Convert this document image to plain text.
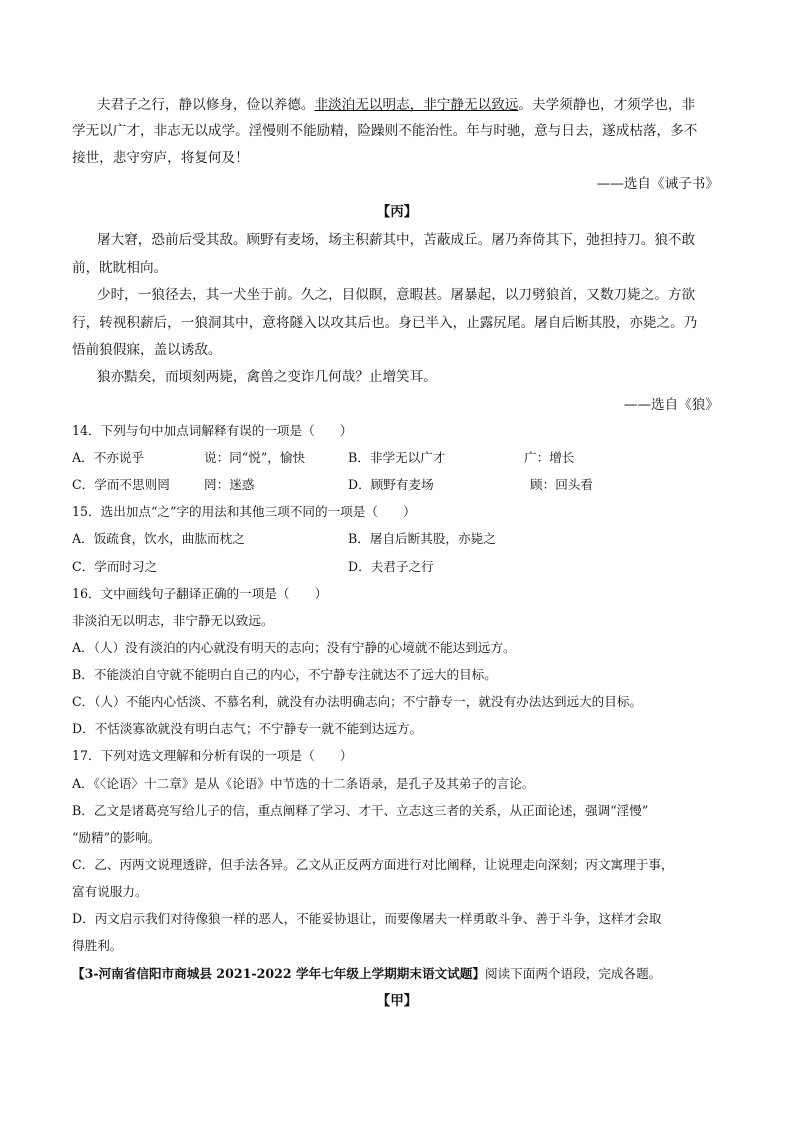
夫君子之行，静以修身，俭以养德。非淡泊无以明志，非宁静无以致远。夫学须静也，才须学也，非
学无以广才，非志无以成学。淫慢则不能励精，险躁则不能治性。年与时驰，意与日去，遂成枯落，多不
接世，悲守穷庐，将复何及！
——选自《诫子书》
【丙】
屠大窘，恐前后受其敌。顾野有麦场，场主积薪其中，苫蔽成丘。屠乃奔倚其下，弛担持刀。狼不敢
前，眈眈相向。
少时，一狼径去，其一犬坐于前。久之，目似瞑，意暇甚。屠暴起，以刀劈狼首，又数刀毙之。方欲
行，转视积薪后，一狼洞其中，意将隧入以攻其后也。身已半入，止露尻尾。屠自后断其股，亦毙之。乃
悟前狼假寐，盖以诱敌。
狼亦黠矣，而顷刻两毙，禽兽之变诈几何哉？止增笑耳。
——选自《狼》
14．下列与句中加点词解释有误的一项是（　　）
A．不亦说乎	说：同“悦”，愉快	B．非学无以广才	广：增长
C．学而不思则罔	罔：迷惑	D．顾野有麦场	顾：回头看
15．选出加点“之”字的用法和其他三项不同的一项是（　　）
A．饭疏食，饮水，曲肱而枕之	B．屠自后断其股，亦毙之
C．学而时习之	D．夫君子之行
16．文中画线句子翻译正确的一项是（　　）
非淡泊无以明志，非宁静无以致远。
A．（人）没有淡泊的内心就没有明天的志向；没有宁静的心境就不能达到远方。
B．不能淡泊自守就不能明白自己的内心，不宁静专注就达不了远大的目标。
C．（人）不能内心恬淡、不慕名利，就没有办法明确志向；不宁静专一，就没有办法达到远大的目标。
D．不恬淡寡欲就没有明白志气；不宁静专一就不能到达远方。
17．下列对选文理解和分析有误的一项是（　　）
A．《〈论语〉十二章》是从《论语》中节选的十二条语录，是孔子及其弟子的言论。
B．乙文是诸葛亮写给儿子的信，重点阐释了学习、才干、立志这三者的关系，从正面论述，强调“淫慢”
“励精”的影响。
C．乙、丙两文说理透辟，但手法各异。乙文从正反两方面进行对比阐释，让说理走向深刻；丙文寓理于事，
富有说服力。
D．丙文启示我们对待像狼一样的恶人，不能妥协退让，而要像屠夫一样勇敢斗争、善于斗争，这样才会取
得胜利。
【3-河南省信阳市商城县 2021-2022 学年七年级上学期期末语文试题】阅读下面两个语段，完成各题。
【甲】
